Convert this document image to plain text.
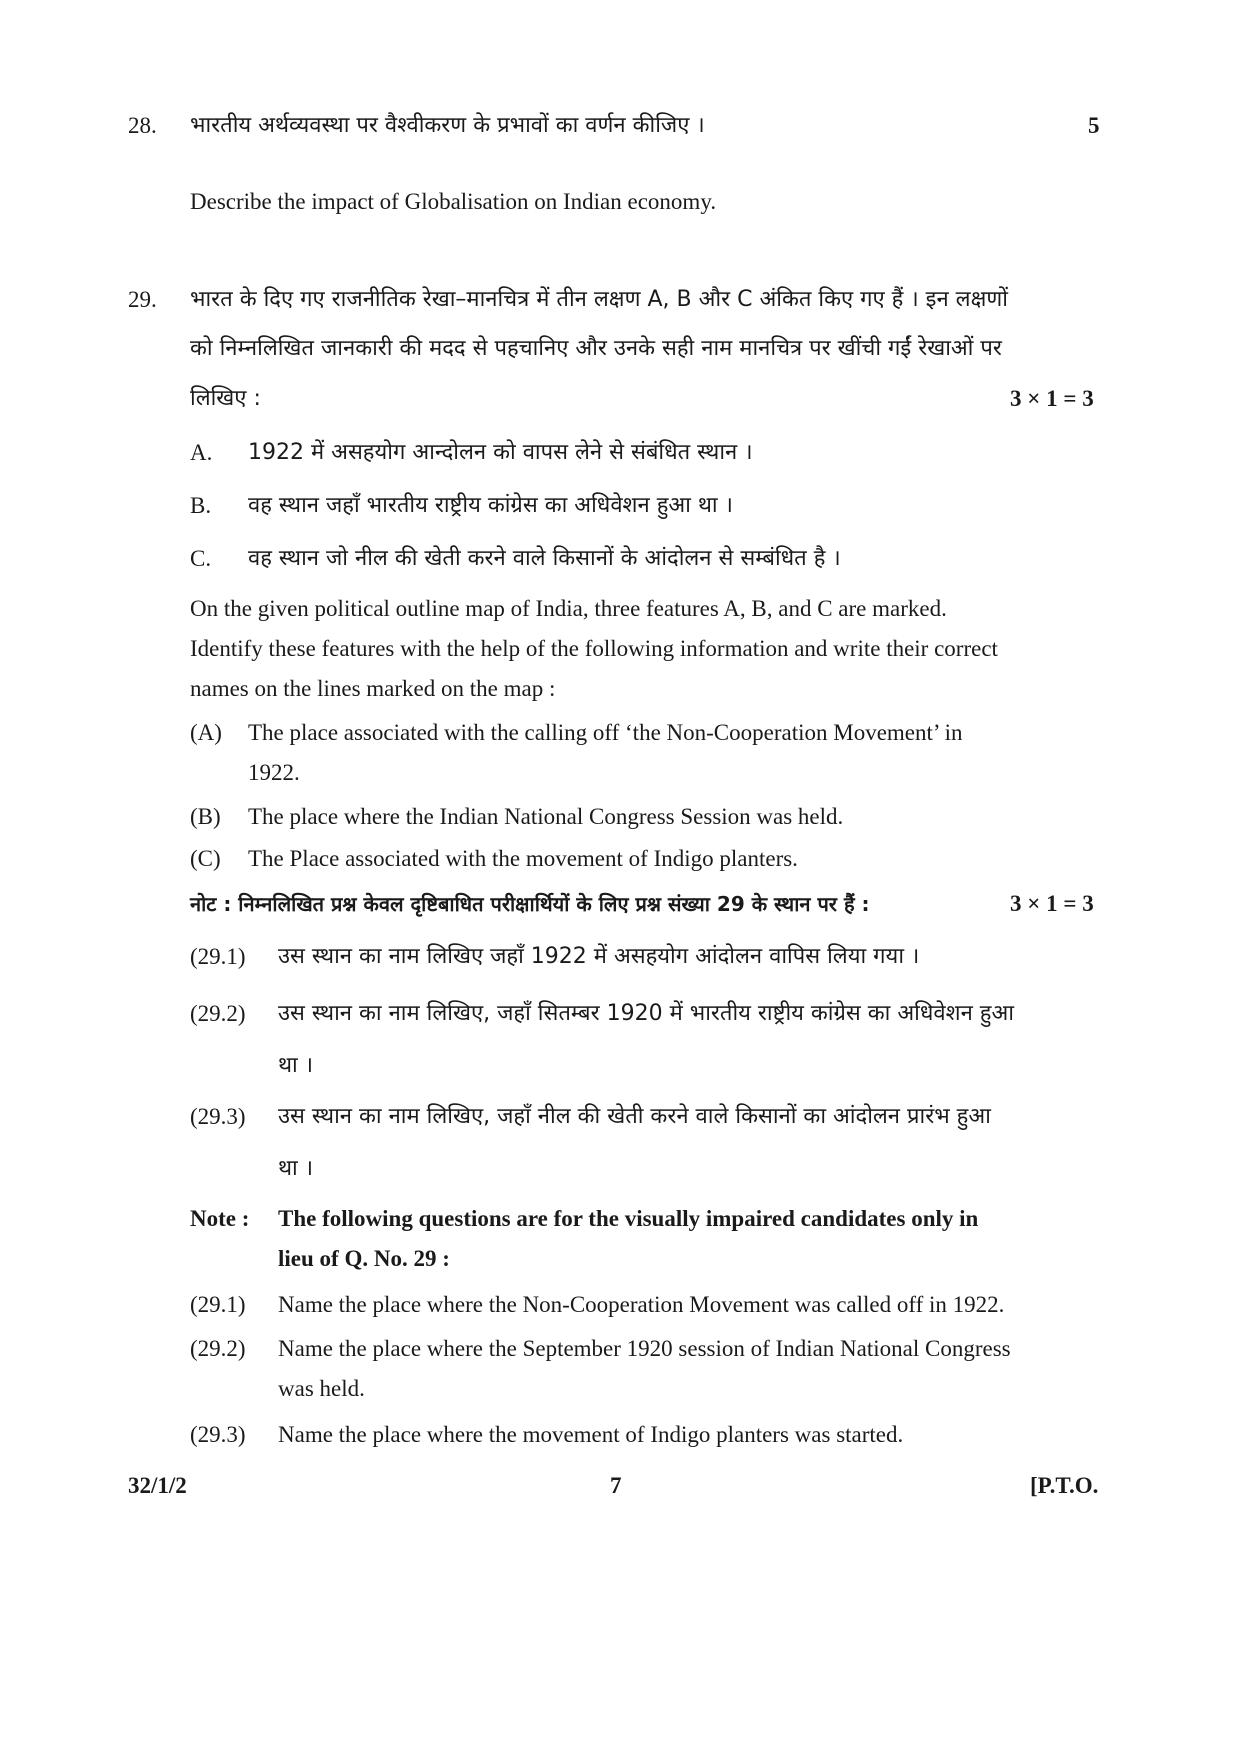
28. भारतीय अर्थव्यवस्था पर वैश्वीकरण के प्रभावों का वर्णन कीजिए ।	5
Describe the impact of Globalisation on Indian economy.
29. भारत के दिए गए राजनीतिक रेखा–मानचित्र में तीन लक्षण A, B और C अंकित किए गए हैं । इन लक्षणों
को निम्नलिखित जानकारी की मदद से पहचानिए और उनके सही नाम मानचित्र पर खींची गईं रेखाओं पर
लिखिए :	3 × 1 = 3
A. 1922 में असहयोग आन्दोलन को वापस लेने से संबंधित स्थान ।
B. वह स्थान जहाँ भारतीय राष्ट्रीय कांग्रेस का अधिवेशन हुआ था ।
C. वह स्थान जो नील की खेती करने वाले किसानों के आंदोलन से सम्बंधित है ।
On the given political outline map of India, three features A, B, and C are marked.
Identify these features with the help of the following information and write their correct
names on the lines marked on the map :
(A) The place associated with the calling off ‘the Non-Cooperation Movement’ in
1922.
(B) The place where the Indian National Congress Session was held.
(C) The Place associated with the movement of Indigo planters.
नोट : निम्नलिखित प्रश्न केवल दृष्टिबाधित परीक्षार्थियों के लिए प्रश्न संख्या 29 के स्थान पर हैं :	3 × 1 = 3
(29.1) उस स्थान का नाम लिखिए जहाँ 1922 में असहयोग आंदोलन वापिस लिया गया ।
(29.2) उस स्थान का नाम लिखिए, जहाँ सितम्बर 1920 में भारतीय राष्ट्रीय कांग्रेस का अधिवेशन हुआ
था ।
(29.3) उस स्थान का नाम लिखिए, जहाँ नील की खेती करने वाले किसानों का आंदोलन प्रारंभ हुआ
था ।
Note : The following questions are for the visually impaired candidates only in
lieu of Q. No. 29 :
(29.1) Name the place where the Non-Cooperation Movement was called off in 1922.
(29.2) Name the place where the September 1920 session of Indian National Congress
was held.
(29.3) Name the place where the movement of Indigo planters was started.
32/1/2	7	[P.T.O.
